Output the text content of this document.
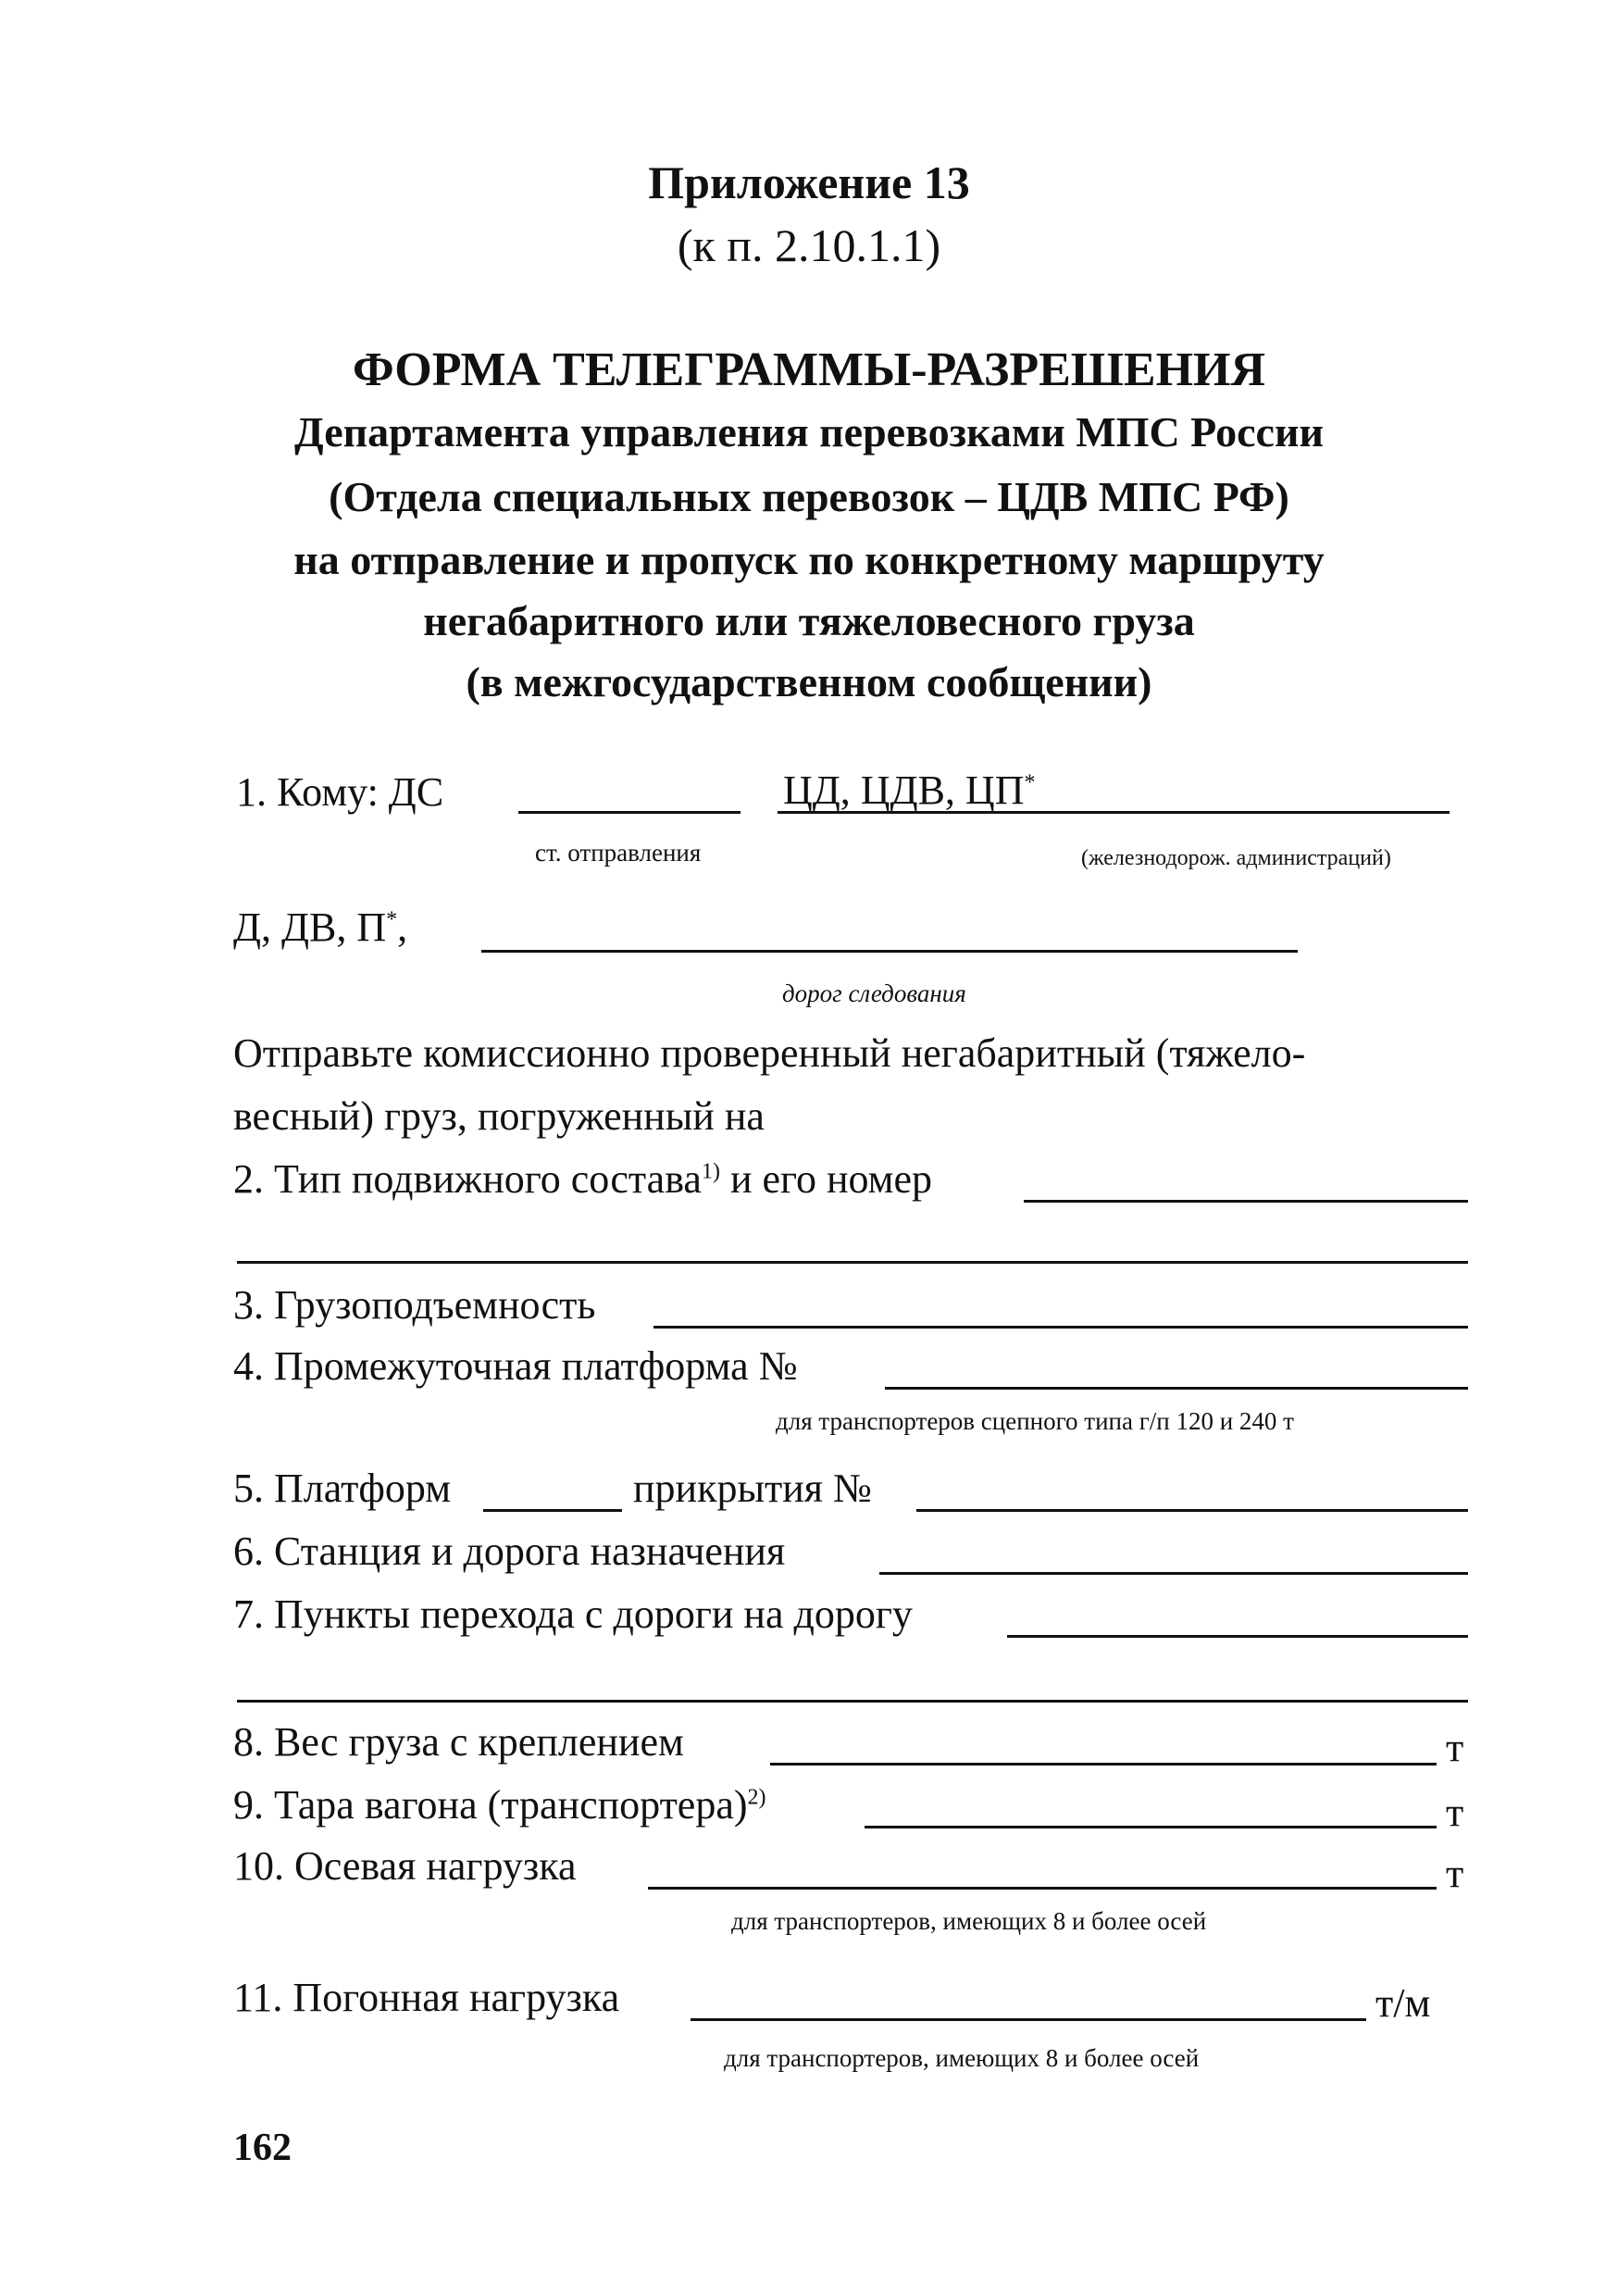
Приложение 13
(к п. 2.10.1.1)
ФОРМА ТЕЛЕГРАММЫ-РАЗРЕШЕНИЯ
Департамента управления перевозками МПС России
(Отдела специальных перевозок – ЦДВ МПС РФ)
на отправление и пропуск по конкретному маршруту
негабаритного или тяжеловесного груза
(в межгосударственном сообщении)
1. Кому: ДС	ЦД, ЦДВ, ЦП*
ст. отправления	(железнодорож. администраций)
Д, ДВ, П*,
дорог следования
Отправьте комиссионно проверенный негабаритный (тяжело-
весный) груз, погруженный на
2. Тип подвижного состава$^{1)}$ и его номер
3. Грузоподъемность
4. Промежуточная платформа №
для транспортеров сцепного типа г/п 120 и 240 т
5. Платформ	прикрытия №
6. Станция и дорога назначения
7. Пункты перехода с дороги на дорогу
8. Вес груза с креплением	т
9. Тара вагона (транспортера)$^{2)}$	т
10. Осевая нагрузка	т
для транспортеров, имеющих 8 и более осей
11. Погонная нагрузка	т/м
для транспортеров, имеющих 8 и более осей
162
